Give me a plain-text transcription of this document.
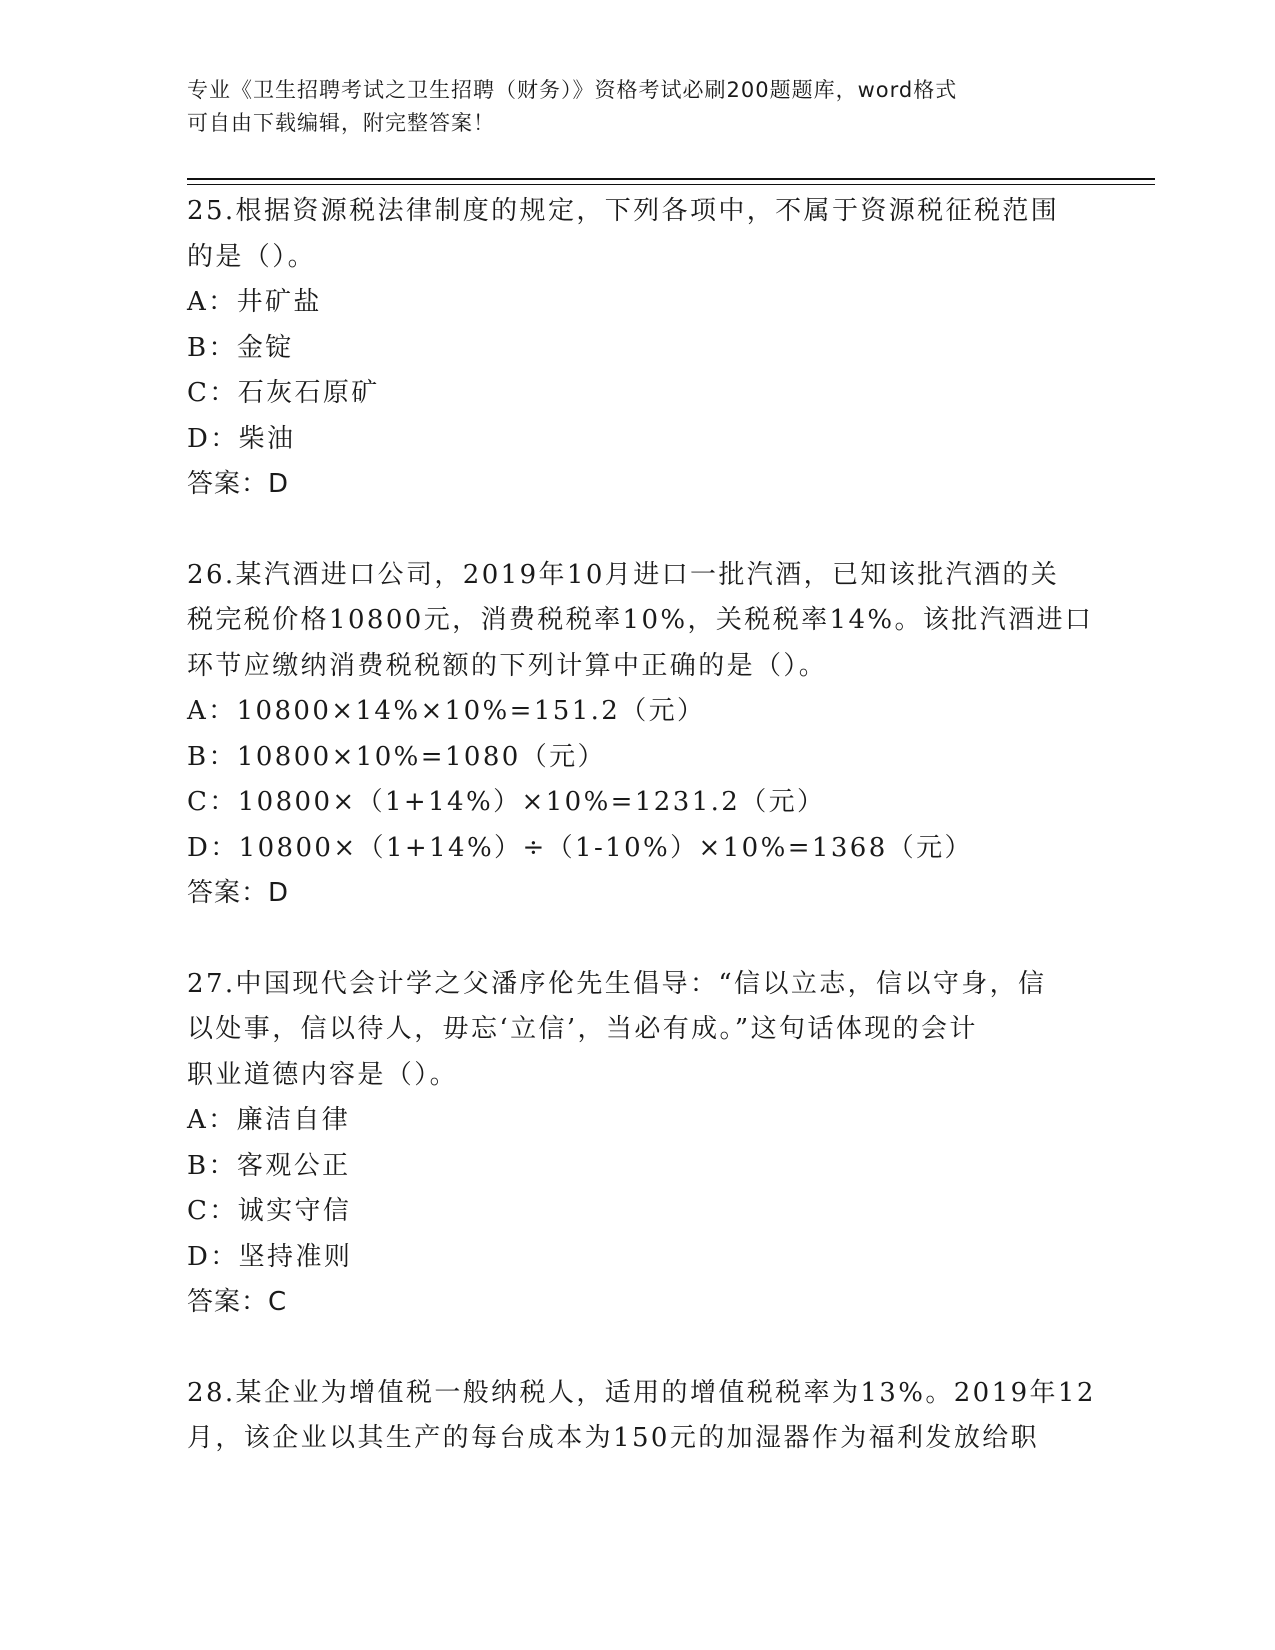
专业《卫生招聘考试之卫生招聘（财务）》资格考试必刷200题题库，word格式

可自由下载编辑，附完整答案！

25.根据资源税法律制度的规定，下列各项中，不属于资源税征税范围
的是（）。
A：井矿盐
B：金锭
C：石灰石原矿
D：柴油
答案：D
26.某汽酒进口公司，2019年10月进口一批汽酒，已知该批汽酒的关
税完税价格10800元，消费税税率10%，关税税率14%。该批汽酒进口
环节应缴纳消费税税额的下列计算中正确的是（）。
A：10800×14%×10%=151.2（元）
B：10800×10%=1080（元）
C：10800×（1+14%）×10%=1231.2（元）
D：10800×（1+14%）÷（1-10%）×10%=1368（元）
答案：D
27.中国现代会计学之父潘序伦先生倡导：“信以立志，信以守身，信
以处事，信以待人，毋忘‘立信’，当必有成。”这句话体现的会计
职业道德内容是（）。
A：廉洁自律
B：客观公正
C：诚实守信
D：坚持准则
答案：C
28.某企业为增值税一般纳税人，适用的增值税税率为13%。2019年12
月，该企业以其生产的每台成本为150元的加湿器作为福利发放给职
